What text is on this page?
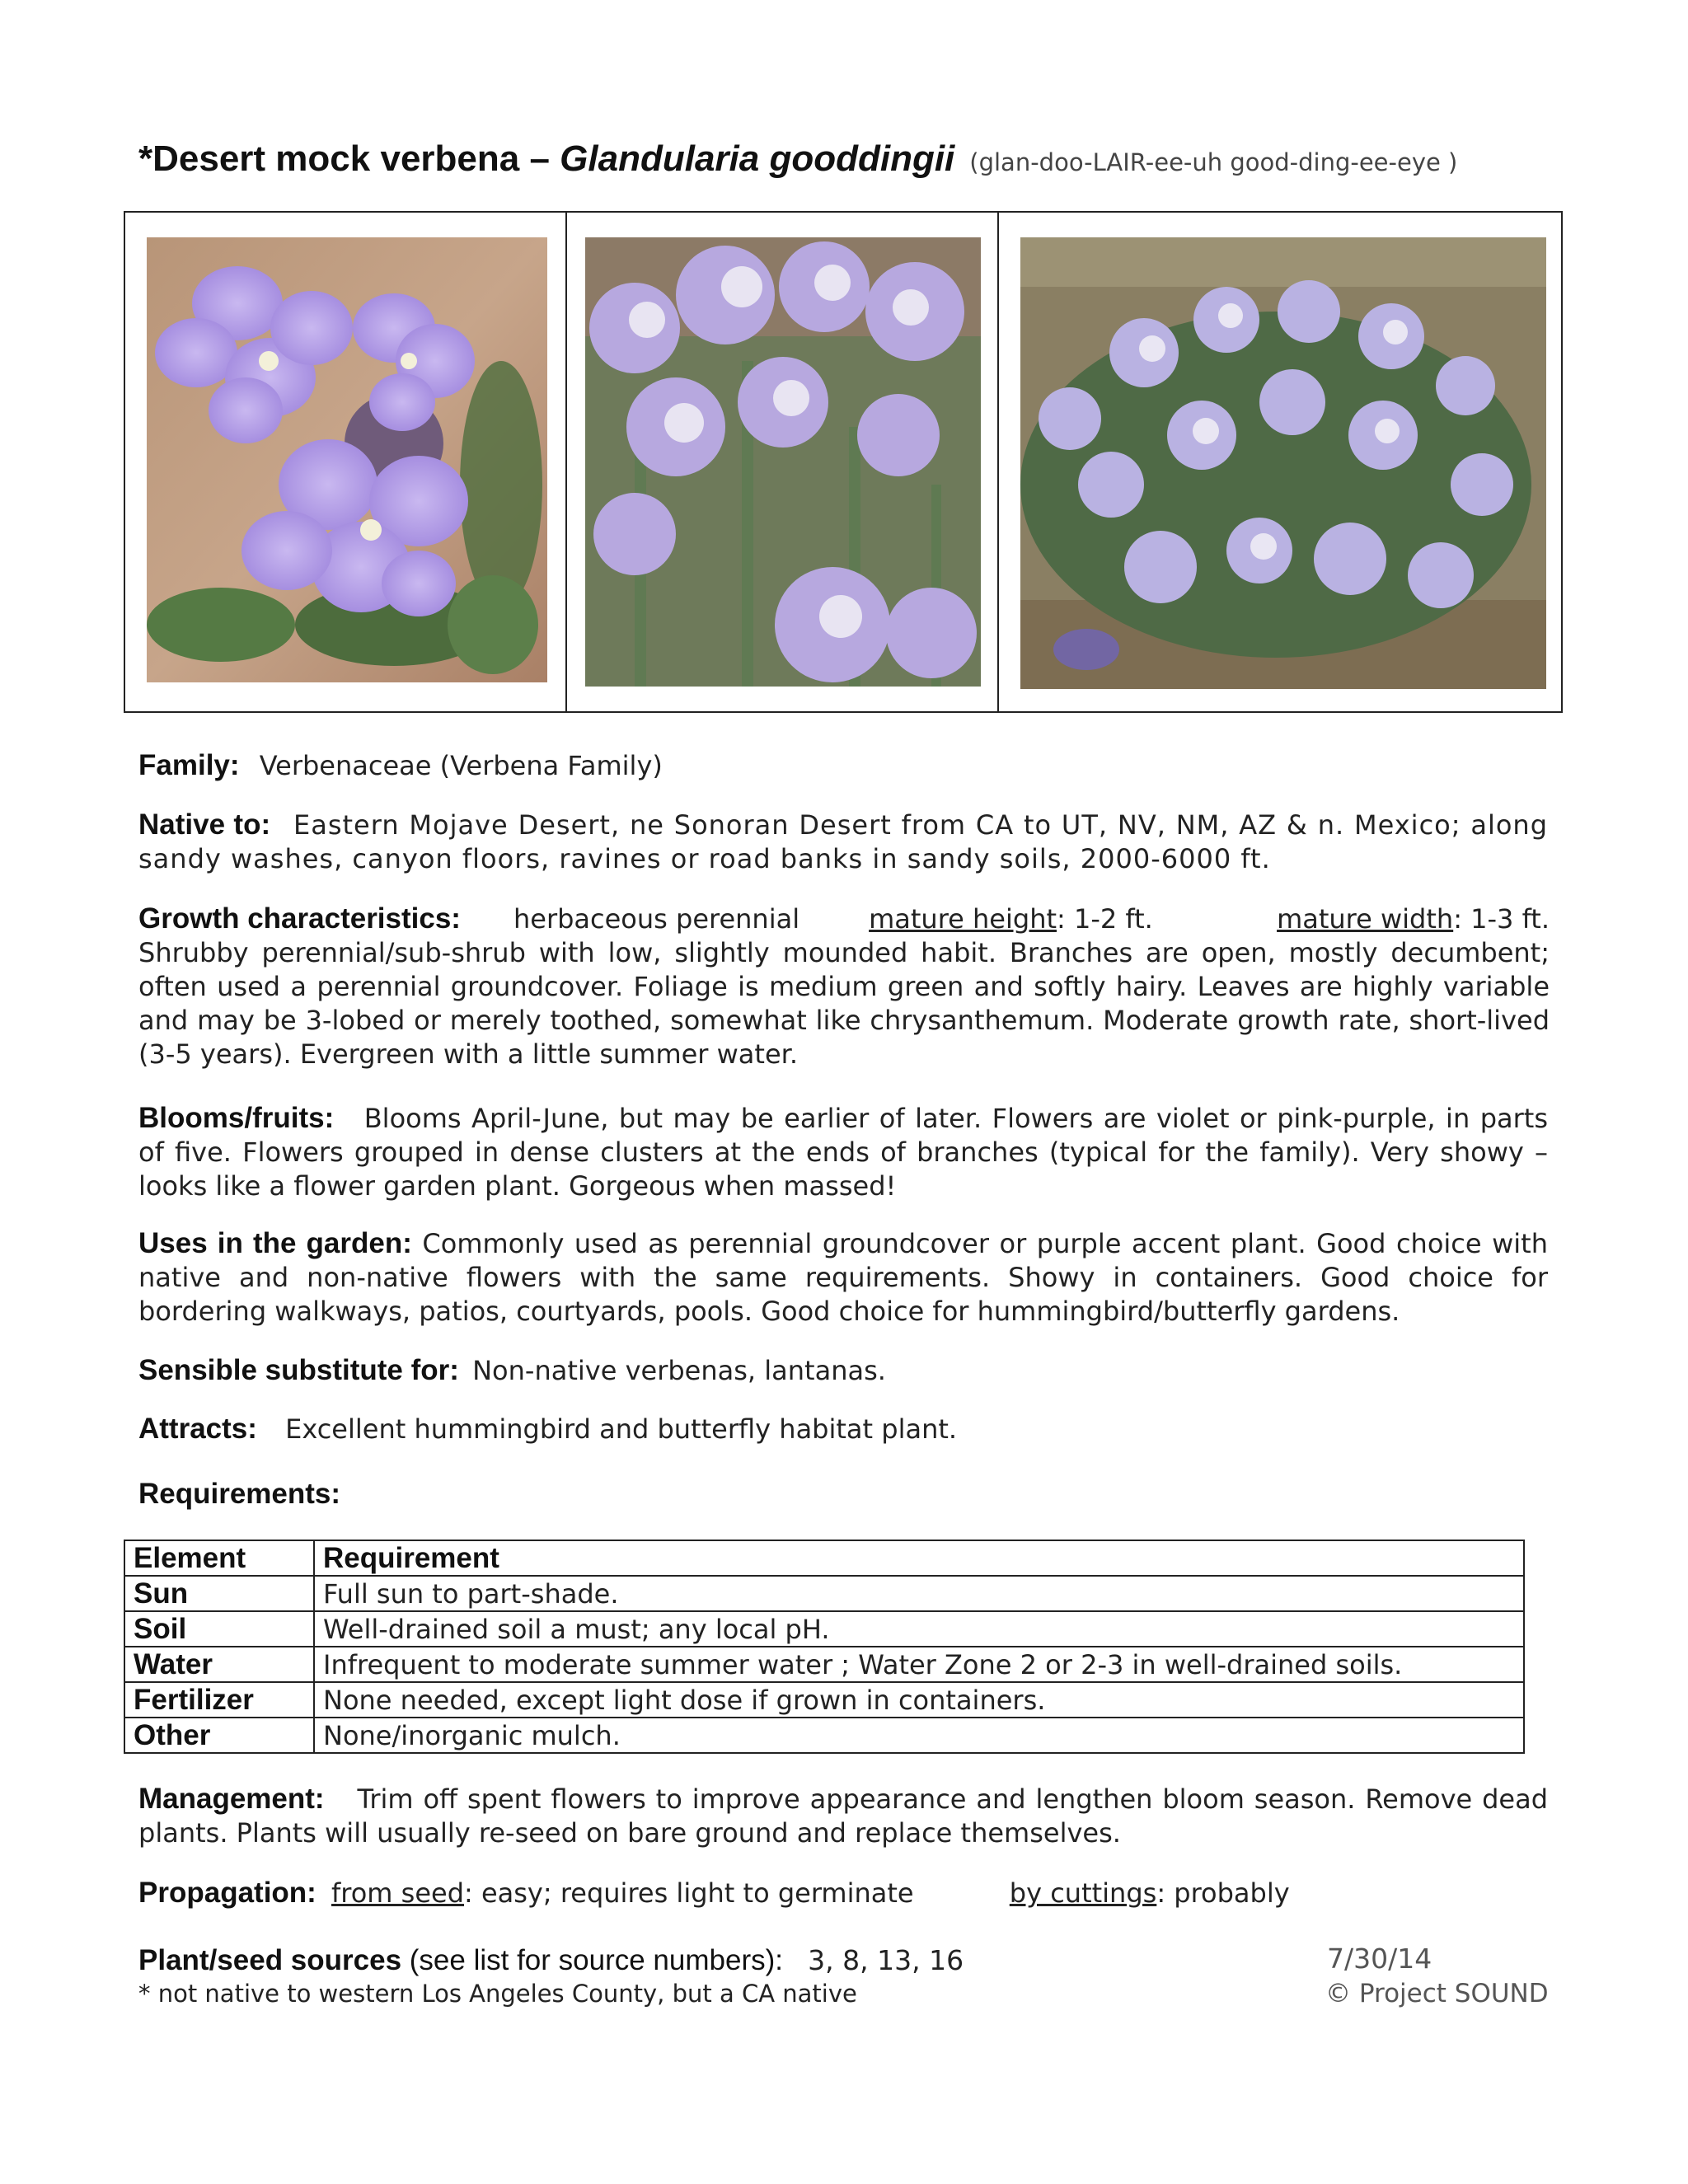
*Desert mock verbena – Glandularia gooddingii (glan-doo-LAIR-ee-uh good-ding-ee-eye )
Family: Verbenaceae (Verbena Family)
Native to: Eastern Mojave Desert, ne Sonoran Desert from CA to UT, NV, NM, AZ & n. Mexico; along sandy washes, canyon floors, ravines or road banks in sandy soils, 2000-6000 ft.
Growth characteristics: herbaceous perennial	mature height : 1-2 ft.	mature width : 1-3 ft.
Shrubby perennial/sub-shrub with low, slightly mounded habit. Branches are open, mostly decumbent; often used a perennial groundcover. Foliage is medium green and softly hairy. Leaves are highly variable and may be 3-lobed or merely toothed, somewhat like chrysanthemum. Moderate growth rate, short-lived (3-5 years). Evergreen with a little summer water.
Blooms/fruits: Blooms April-June, but may be earlier of later. Flowers are violet or pink-purple, in parts of five. Flowers grouped in dense clusters at the ends of branches (typical for the family). Very showy – looks like a flower garden plant. Gorgeous when massed!
Uses in the garden: Commonly used as perennial groundcover or purple accent plant. Good choice with native and non-native flowers with the same requirements. Showy in containers. Good choice for bordering walkways, patios, courtyards, pools. Good choice for hummingbird/butterfly gardens.
Sensible substitute for: Non-native verbenas, lantanas.
Attracts: Excellent hummingbird and butterfly habitat plant.
Requirements:
Element	Requirement
Sun	Full sun to part-shade.
Soil	Well-drained soil a must; any local pH.
Water	Infrequent to moderate summer water ; Water Zone 2 or 2-3 in well-drained soils.
Fertilizer	None needed, except light dose if grown in containers.
Other	None/inorganic mulch.
Management: Trim off spent flowers to improve appearance and lengthen bloom season. Remove dead plants. Plants will usually re-seed on bare ground and replace themselves.
Propagation: from seed: easy; requires light to germinate	by cuttings: probably
Plant/seed sources (see list for source numbers): 3, 8, 13, 16
* not native to western Los Angeles County, but a CA native
7/30/14
© Project SOUND
